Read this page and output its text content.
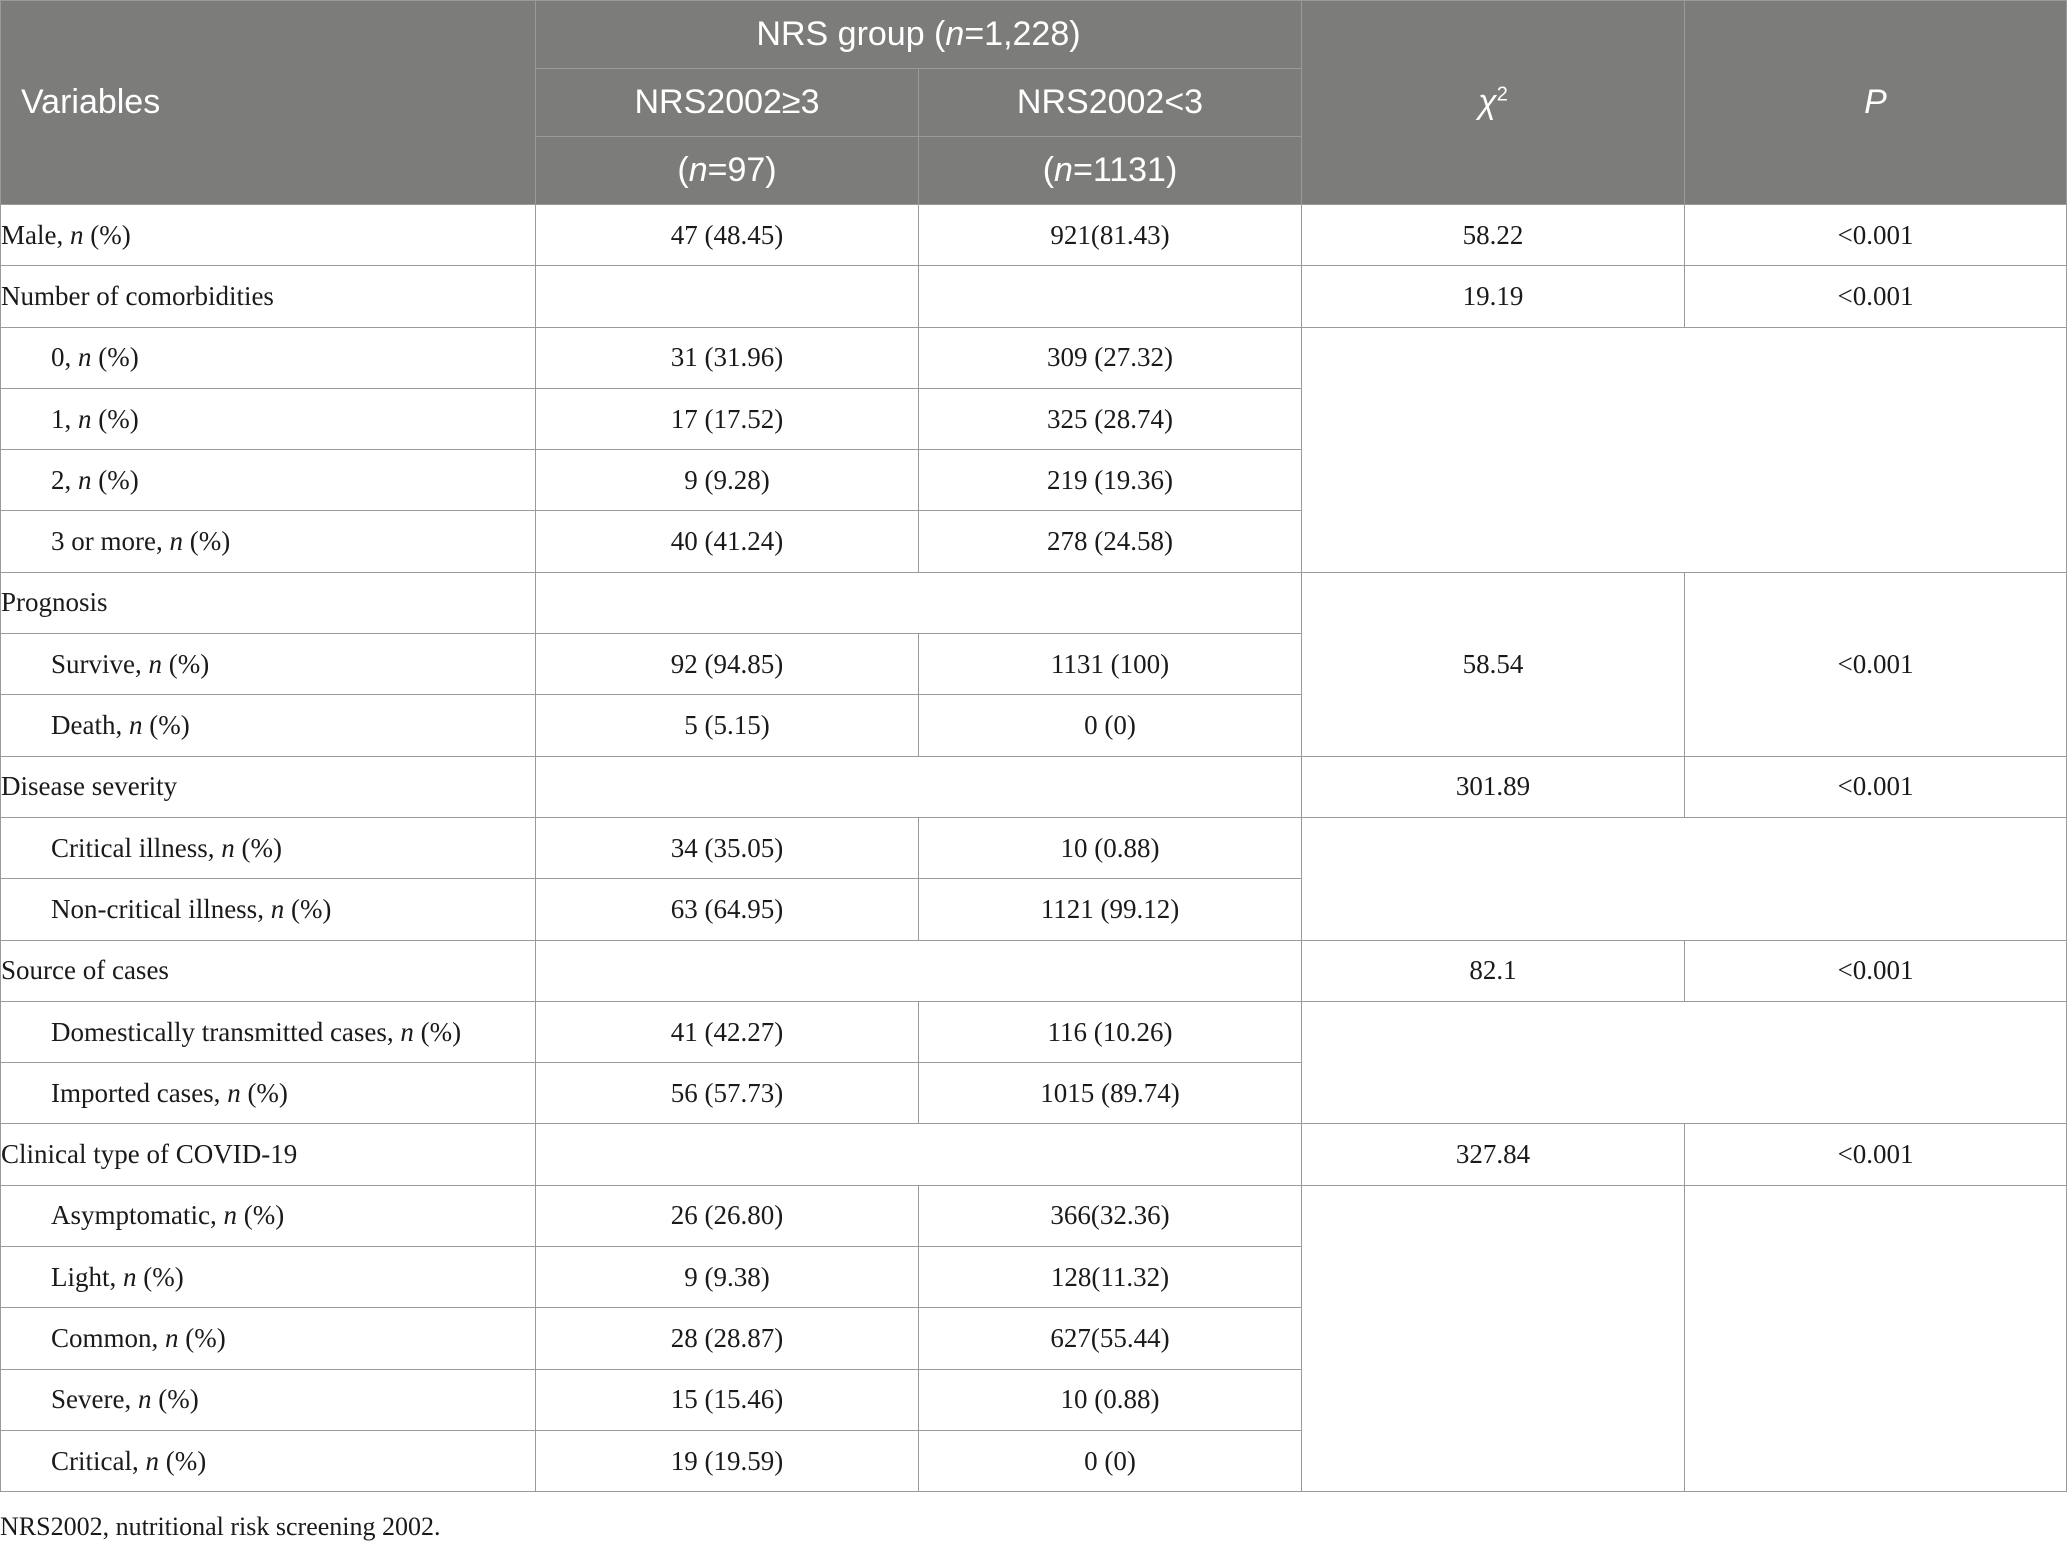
Variables	NRS group (n=1,228)		$\chi^2$	P
	NRS2002≥3	NRS2002<3		
	(n=97)	(n=1131)		
Male, n (%)	47 (48.45)	921(81.43)	58.22	<0.001
Number of comorbidities			19.19	<0.001
0, n (%)	31 (31.96)	309 (27.32)		
1, n (%)	17 (17.52)	325 (28.74)		
2, n (%)	9 (9.28)	219 (19.36)		
3 or more, n (%)	40 (41.24)	278 (24.58)		
Prognosis			58.54	<0.001
Survive, n (%)	92 (94.85)	1131 (100)		
Death, n (%)	5 (5.15)	0 (0)		
Disease severity			301.89	<0.001
Critical illness, n (%)	34 (35.05)	10 (0.88)		
Non-critical illness, n (%)	63 (64.95)	1121 (99.12)		
Source of cases			82.1	<0.001
Domestically transmitted cases, n (%)	41 (42.27)	116 (10.26)		
Imported cases, n (%)	56 (57.73)	1015 (89.74)		
Clinical type of COVID-19			327.84	<0.001
Asymptomatic, n (%)	26 (26.80)	366(32.36)		
Light, n (%)	9 (9.38)	128(11.32)		
Common, n (%)	28 (28.87)	627(55.44)		
Severe, n (%)	15 (15.46)	10 (0.88)		
Critical, n (%)	19 (19.59)	0 (0)		
NRS2002, nutritional risk screening 2002.
